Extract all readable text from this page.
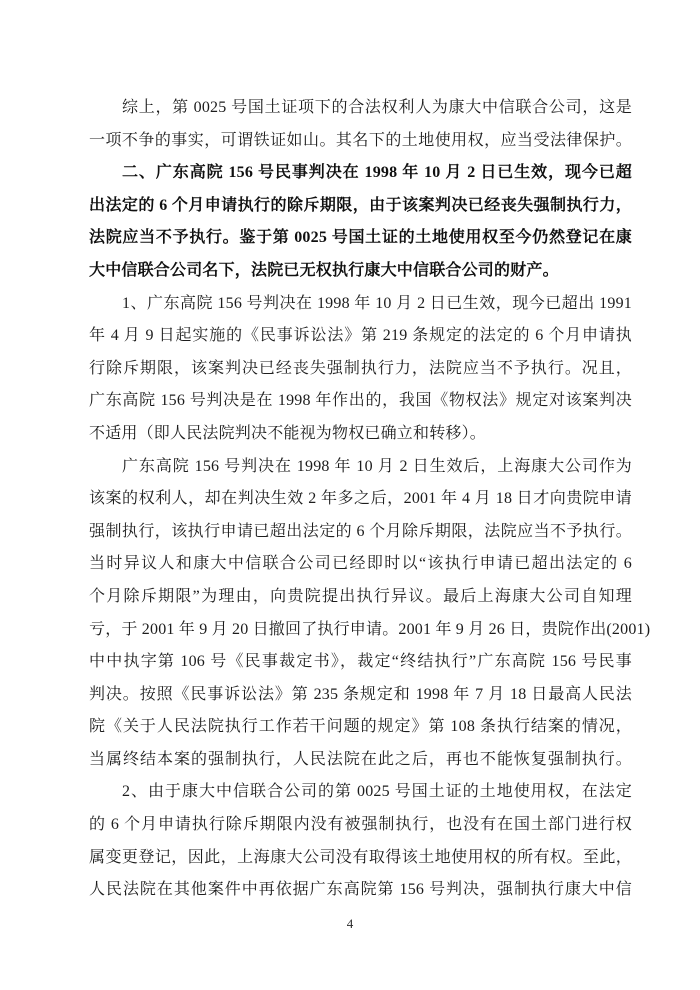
综上，第 0025 号国土证项下的合法权利人为康大中信联合公司，这是
一项不争的事实，可谓铁证如山。其名下的土地使用权，应当受法律保护。
二、广东高院 156 号民事判决在 1998 年 10 月 2 日已生效，现今已超
出法定的 6 个月申请执行的除斥期限，由于该案判决已经丧失强制执行力，
法院应当不予执行。鉴于第 0025 号国土证的土地使用权至今仍然登记在康
大中信联合公司名下，法院已无权执行康大中信联合公司的财产。
1、广东高院 156 号判决在 1998 年 10 月 2 日已生效，现今已超出 1991
年 4 月 9 日起实施的《民事诉讼法》第 219 条规定的法定的 6 个月申请执
行除斥期限，该案判决已经丧失强制执行力，法院应当不予执行。况且，
广东高院 156 号判决是在 1998 年作出的，我国《物权法》规定对该案判决
不适用（即人民法院判决不能视为物权已确立和转移）。
广东高院 156 号判决在 1998 年 10 月 2 日生效后，上海康大公司作为
该案的权利人，却在判决生效 2 年多之后，2001 年 4 月 18 日才向贵院申请
强制执行，该执行申请已超出法定的 6 个月除斥期限，法院应当不予执行。
当时异议人和康大中信联合公司已经即时以“该执行申请已超出法定的 6
个月除斥期限”为理由，向贵院提出执行异议。最后上海康大公司自知理
亏，于 2001 年 9 月 20 日撤回了执行申请。2001 年 9 月 26 日，贵院作出(2001)
中中执字第 106 号《民事裁定书》，裁定“终结执行”广东高院 156 号民事
判决。按照《民事诉讼法》第 235 条规定和 1998 年 7 月 18 日最高人民法
院《关于人民法院执行工作若干问题的规定》第 108 条执行结案的情况，
当属终结本案的强制执行，人民法院在此之后，再也不能恢复强制执行。
2、由于康大中信联合公司的第 0025 号国土证的土地使用权，在法定
的 6 个月申请执行除斥期限内没有被强制执行，也没有在国土部门进行权
属变更登记，因此，上海康大公司没有取得该土地使用权的所有权。至此，
人民法院在其他案件中再依据广东高院第 156 号判决，强制执行康大中信
4
